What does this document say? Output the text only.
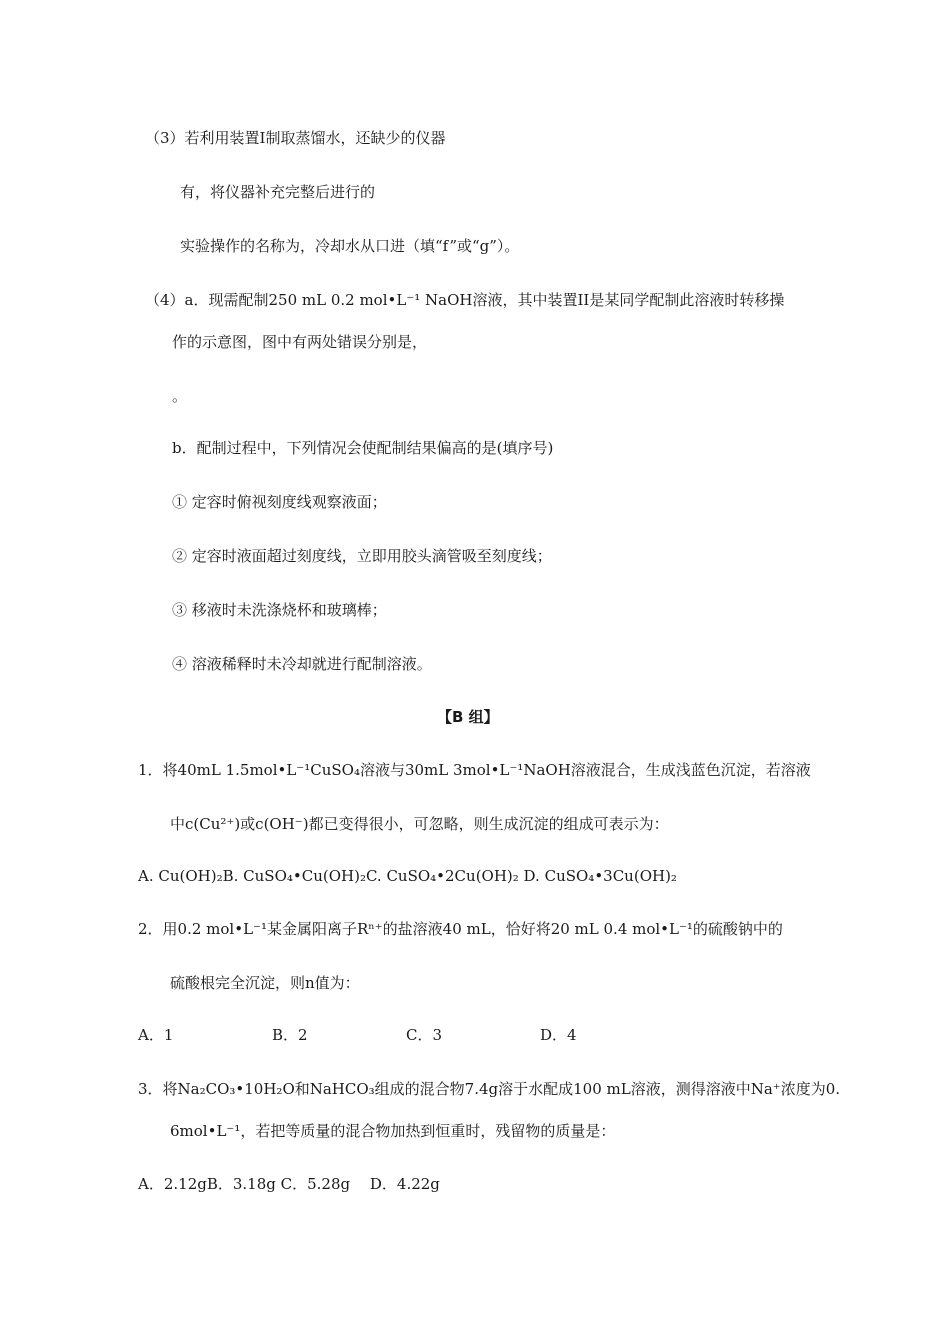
（3）若利用装置Ⅰ制取蒸馏水，还缺少的仪器
有，将仪器补充完整后进行的
实验操作的名称为，冷却水从口进（填“f”或“g”）。
（4）a．现需配制250 mL 0.2 mol•L⁻¹ NaOH溶液，其中装置II是某同学配制此溶液时转移操
作的示意图，图中有两处错误分别是，
。
b．配制过程中，下列情况会使配制结果偏高的是(填序号)
① 定容时俯视刻度线观察液面；
② 定容时液面超过刻度线，立即用胶头滴管吸至刻度线；
③ 移液时未洗涤烧杯和玻璃棒；
④ 溶液稀释时未冷却就进行配制溶液。
【B 组】
1．将40mL 1.5mol•L⁻¹CuSO₄溶液与30mL 3mol•L⁻¹NaOH溶液混合，生成浅蓝色沉淀，若溶液
中c(Cu²⁺)或c(OH⁻)都已变得很小，可忽略，则生成沉淀的组成可表示为：
A. Cu(OH)₂B. CuSO₄•Cu(OH)₂C. CuSO₄•2Cu(OH)₂ D. CuSO₄•3Cu(OH)₂
2．用0.2 mol•L⁻¹某金属阳离子Rⁿ⁺的盐溶液40 mL，恰好将20 mL 0.4 mol•L⁻¹的硫酸钠中的
硫酸根完全沉淀，则n值为：
A．1	B．2	C．3	D．4
3．将Na₂CO₃•10H₂O和NaHCO₃组成的混合物7.4g溶于水配成100 mL溶液，测得溶液中Na⁺浓度为0.
6mol•L⁻¹，若把等质量的混合物加热到恒重时，残留物的质量是：
A．2.12gB．3.18g C．5.28g　 D．4.22g
